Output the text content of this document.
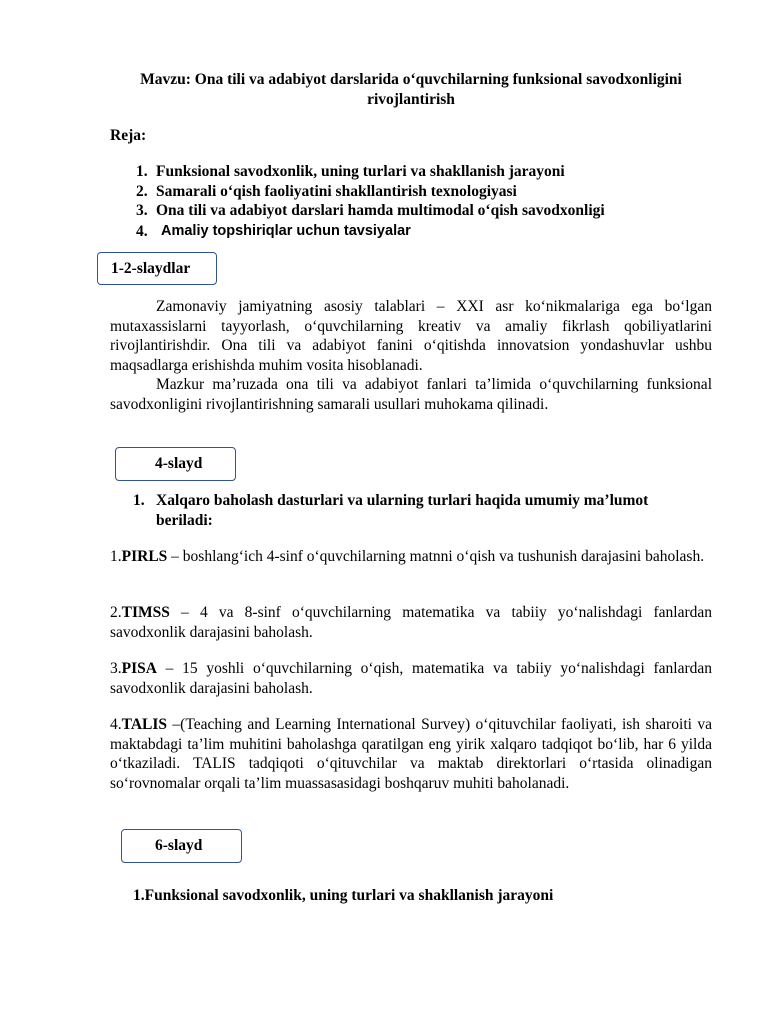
Mavzu: Ona tili va adabiyot darslarida o‘quvchilarning funksional savodxonligini rivojlantirish
Reja:
1. Funksional savodxonlik, uning turlari va shakllanish jarayoni
2. Samarali o‘qish faoliyatini shakllantirish texnologiyasi
3. Ona tili va adabiyot darslari hamda multimodal o‘qish savodxonligi
4. Amaliy topshiriqlar uchun tavsiyalar
1-2-slaydlar
Zamonaviy jamiyatning asosiy talablari – XXI asr ko‘nikmalariga ega bo‘lgan mutaxassislarni tayyorlash, o‘quvchilarning kreativ va amaliy fikrlash qobiliyatlarini rivojlantirishdir. Ona tili va adabiyot fanini o‘qitishda innovatsion yondashuvlar ushbu maqsadlarga erishishda muhim vosita hisoblanadi.
Mazkur ma’ruzada ona tili va adabiyot fanlari ta’limida o‘quvchilarning funksional savodxonligini rivojlantirishning samarali usullari muhokama qilinadi.
4-slayd
1. Xalqaro baholash dasturlari va ularning turlari haqida umumiy ma’lumot beriladi:
1.PIRLS – boshlang‘ich 4-sinf o‘quvchilarning matnni o‘qish va tushunish darajasini baholash.
2.TIMSS – 4 va 8-sinf o‘quvchilarning matematika va tabiiy yo‘nalishdagi fanlardan savodxonlik darajasini baholash.
3.PISA – 15 yoshli o‘quvchilarning o‘qish, matematika va tabiiy yo‘nalishdagi fanlardan savodxonlik darajasini baholash.
4.TALIS –(Teaching and Learning International Survey) o‘qituvchilar faoliyati, ish sharoiti va maktabdagi ta’lim muhitini baholashga qaratilgan eng yirik xalqaro tadqiqot bo‘lib, har 6 yilda o‘tkaziladi. TALIS tadqiqoti o‘qituvchilar va maktab direktorlari o‘rtasida olinadigan so‘rovnomalar orqali ta’lim muassasasidagi boshqaruv muhiti baholanadi.
6-slayd
1.Funksional savodxonlik, uning turlari va shakllanish jarayoni
